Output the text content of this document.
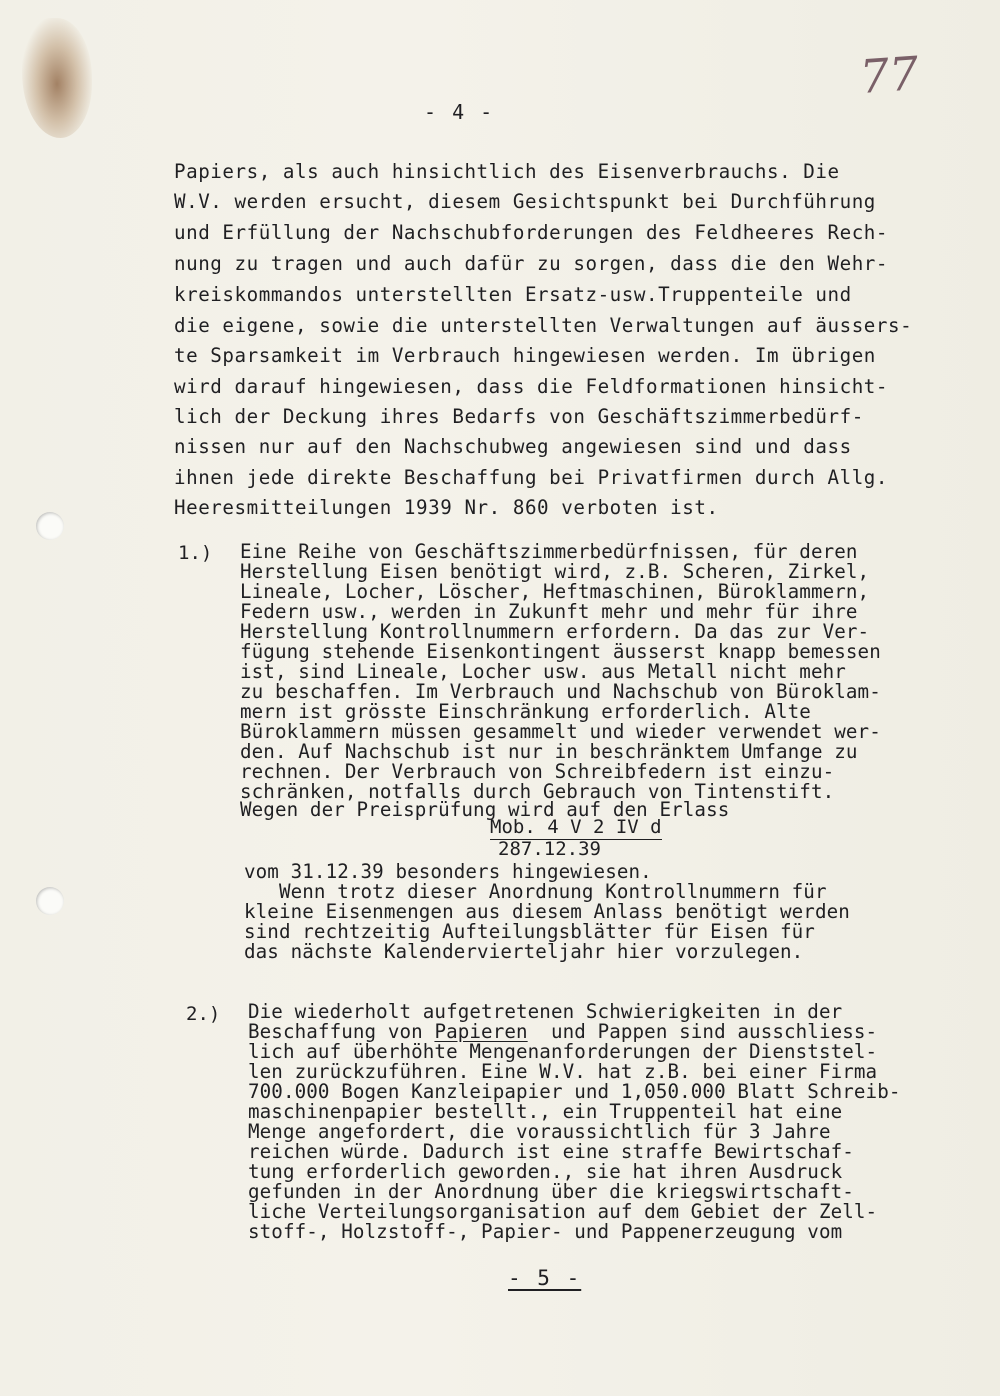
77
- 4 -
Papiers, als auch hinsichtlich des Eisenverbrauchs. Die
W.V. werden ersucht, diesem Gesichtspunkt bei Durchführung
und Erfüllung der Nachschubforderungen des Feldheeres Rech-
nung zu tragen und auch dafür zu sorgen, dass die den Wehr-
kreiskommandos unterstellten Ersatz-usw.Truppenteile und
die eigene, sowie die unterstellten Verwaltungen auf äussers-
te Sparsamkeit im Verbrauch hingewiesen werden. Im übrigen
wird darauf hingewiesen, dass die Feldformationen hinsicht-
lich der Deckung ihres Bedarfs von Geschäftszimmerbedürf-
nissen nur auf den Nachschubweg angewiesen sind und dass
ihnen jede direkte Beschaffung bei Privatfirmen durch Allg.
Heeresmitteilungen 1939 Nr. 860 verboten ist.
1.) Eine Reihe von Geschäftszimmerbedürfnissen, für deren
Herstellung Eisen benötigt wird, z.B. Scheren, Zirkel,
Lineale, Locher, Löscher, Heftmaschinen, Büroklammern,
Federn usw., werden in Zukunft mehr und mehr für ihre
Herstellung Kontrollnummern erfordern. Da das zur Ver-
fügung stehende Eisenkontingent äusserst knapp bemessen
ist, sind Lineale, Locher usw. aus Metall nicht mehr
zu beschaffen. Im Verbrauch und Nachschub von Büroklam-
mern ist grösste Einschränkung erforderlich. Alte
Büroklammern müssen gesammelt und wieder verwendet wer-
den. Auf Nachschub ist nur in beschränktem Umfange zu
rechnen. Der Verbrauch von Schreibfedern ist einzu-
schränken, notfalls durch Gebrauch von Tintenstift.
Wegen der Preisprüfung wird auf den Erlass
Mob. 4 V 2 IV d
287.12.39
vom 31.12.39 besonders hingewiesen.
Wenn trotz dieser Anordnung Kontrollnummern für
kleine Eisenmengen aus diesem Anlass benötigt werden
sind rechtzeitig Aufteilungsblätter für Eisen für
das nächste Kalendervierteljahr hier vorzulegen.
2.) Die wiederholt aufgetretenen Schwierigkeiten in der
Beschaffung von Papieren  und Pappen sind ausschliess-
lich auf überhöhte Mengenanforderungen der Dienststel-
len zurückzuführen. Eine W.V. hat z.B. bei einer Firma
700.000 Bogen Kanzleipapier und 1,050.000 Blatt Schreib-
maschinenpapier bestellt., ein Truppenteil hat eine
Menge angefordert, die voraussichtlich für 3 Jahre
reichen würde. Dadurch ist eine straffe Bewirtschaf-
tung erforderlich geworden., sie hat ihren Ausdruck
gefunden in der Anordnung über die kriegswirtschaft-
liche Verteilungsorganisation auf dem Gebiet der Zell-
stoff-, Holzstoff-, Papier- und Pappenerzeugung vom
- 5 -
